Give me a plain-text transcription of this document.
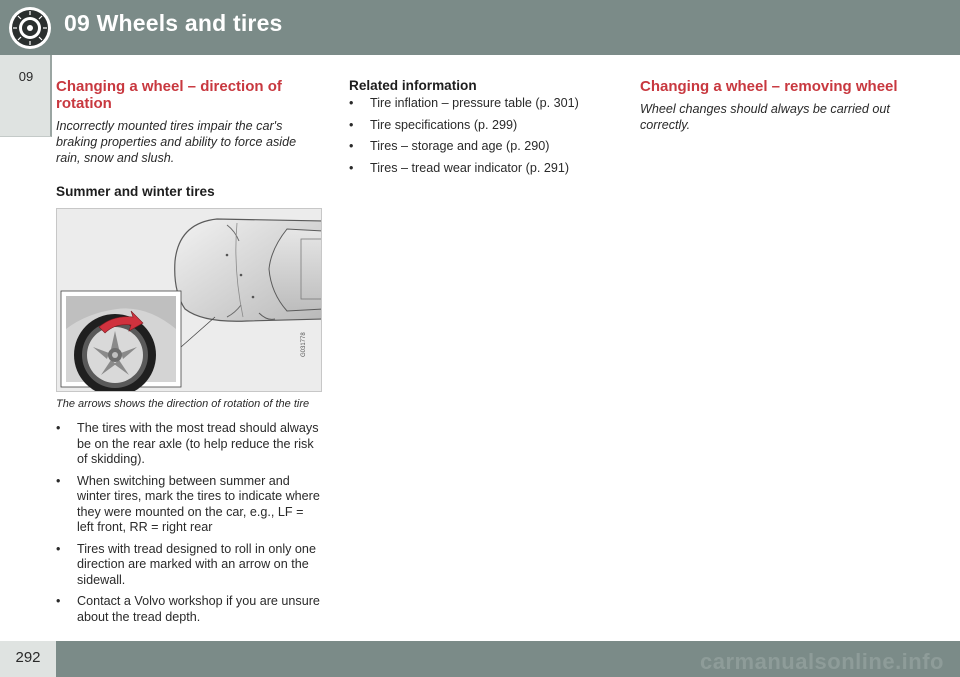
09 Wheels and tires
09
Changing a wheel – direction of rotation

Incorrectly mounted tires impair the car's braking properties and ability to force aside rain, snow and slush.

Summer and winter tires
G031778

The arrows shows the direction of rotation of the tire

• The tires with the most tread should always be on the rear axle (to help reduce the risk of skidding).
• When switching between summer and winter tires, mark the tires to indicate where they were mounted on the car, e.g., LF = left front, RR = right rear
• Tires with tread designed to roll in only one direction are marked with an arrow on the sidewall.
• Contact a Volvo workshop if you are unsure about the tread depth.
Related information
• Tire inflation – pressure table (p. 301)
• Tire specifications (p. 299)
• Tires – storage and age (p. 290)
• Tires – tread wear indicator (p. 291)
Changing a wheel – removing wheel

Wheel changes should always be carried out correctly.

292	carmanualsonline.info
